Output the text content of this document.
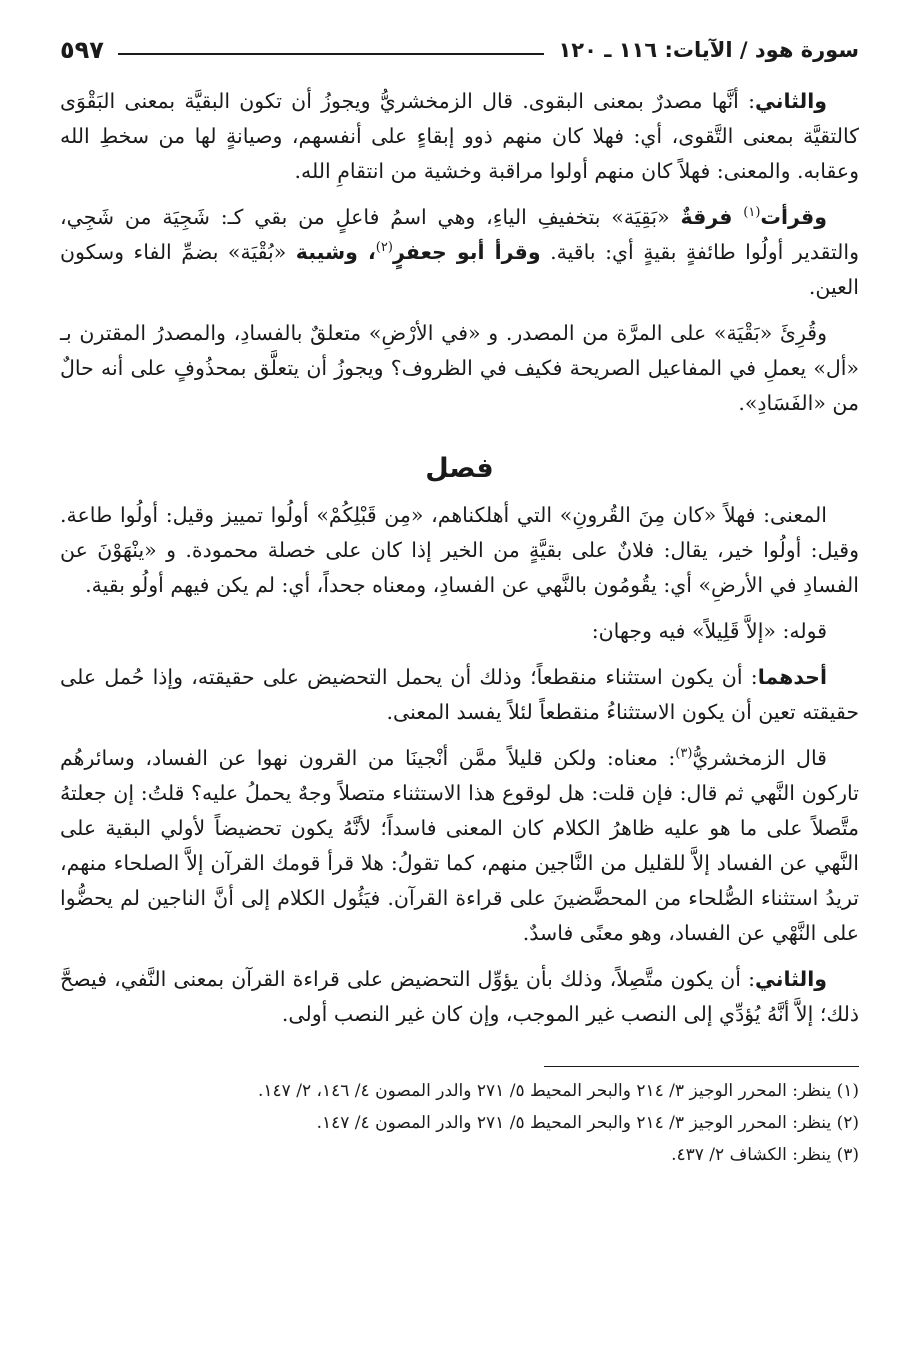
سورة هود / الآيات: ١١٦ ـ ١٢٠
٥٩٧

والثاني: أنَّها مصدرٌ بمعنى البقوى. قال الزمخشريُّ ويجوزُ أن تكون البقيَّة بمعنى البَقْوَى كالتقيَّة بمعنى التَّقوى، أي: فهلا كان منهم ذوو إبقاءٍ على أنفسهم، وصيانةٍ لها من سخطِ الله وعقابه. والمعنى: فهلاً كان منهم أولوا مراقبة وخشية من انتقامِ الله.

وقرأت$^{(١)}$ فرقةٌ «بَقِيَة» بتخفيفِ الياءِ، وهي اسمُ فاعلٍ من بقي كـ: شَجِيَة من شَجِي، والتقدير أولُوا طائفةٍ بقيةٍ أي: باقية. وقرأ أبو جعفرٍ$^{(٢)}$، وشيبة «بُقْيَة» بضمِّ الفاء وسكون العين.

وقُرِئَ «بَقْيَة» على المرَّة من المصدر. و «في الأرْضِ» متعلقٌ بالفسادِ، والمصدرُ المقترن بـ «أل» يعملِ في المفاعيل الصريحة فكيف في الظروف؟ ويجوزُ أن يتعلَّق بمحذُوفٍ على أنه حالٌ من «الفَسَادِ».

فصل

المعنى: فهلاً «كان مِنَ القُرونِ» التي أهلكناهم، «مِن قَبْلِكُمْ» أولُوا تمييز وقيل: أولُوا طاعة. وقيل: أولُوا خير، يقال: فلانٌ على بقيَّةٍ من الخير إذا كان على خصلة محمودة. و «ينْهَوْنَ عن الفسادِ في الأرضِ» أي: يقُومُون بالنَّهي عن الفسادِ، ومعناه جحداً، أي: لم يكن فيهم أولُو بقية.

قوله: «إلاَّ قَلِيلاً» فيه وجهان:

أحدهما: أن يكون استثناء منقطعاً؛ وذلك أن يحمل التحضيض على حقيقته، وإذا حُمل على حقيقته تعين أن يكون الاستثناءُ منقطعاً لئلاً يفسد المعنى.

قال الزمخشريُّ$^{(٣)}$: معناه: ولكن قليلاً ممَّن أنْجينَا من القرون نهوا عن الفساد، وسائرهُم تاركون النَّهي ثم قال: فإن قلت: هل لوقوع هذا الاستثناء متصلاً وجهٌ يحملُ عليه؟ قلتُ: إن جعلتهُ متَّصلاً على ما هو عليه ظاهرُ الكلام كان المعنى فاسداً؛ لأنَّهُ يكون تحضيضاً لأولي البقية على النَّهي عن الفساد إلاَّ للقليل من النَّاجين منهم، كما تقولُ: هلا قرأ قومك القرآن إلاَّ الصلحاء منهم، تريدُ استثناء الصُّلحاء من المحضَّضينَ على قراءة القرآن. فيَئُول الكلام إلى أنَّ الناجين لم يحضُّوا على النَّهْي عن الفساد، وهو معنًى فاسدٌ.

والثاني: أن يكون متَّصِلاً، وذلك بأن يؤوِّل التحضيض على قراءة القرآن بمعنى النَّفي، فيصحَّ ذلك؛ إلاَّ أنَّهُ يُؤدِّي إلى النصب غير الموجب، وإن كان غير النصب أولى.

(١) ينظر: المحرر الوجيز ٣/ ٢١٤ والبحر المحيط ٥/ ٢٧١ والدر المصون ٤/ ١٤٦، ٢/ ١٤٧.
(٢) ينظر: المحرر الوجيز ٣/ ٢١٤ والبحر المحيط ٥/ ٢٧١ والدر المصون ٤/ ١٤٧.
(٣) ينظر: الكشاف ٢/ ٤٣٧.
